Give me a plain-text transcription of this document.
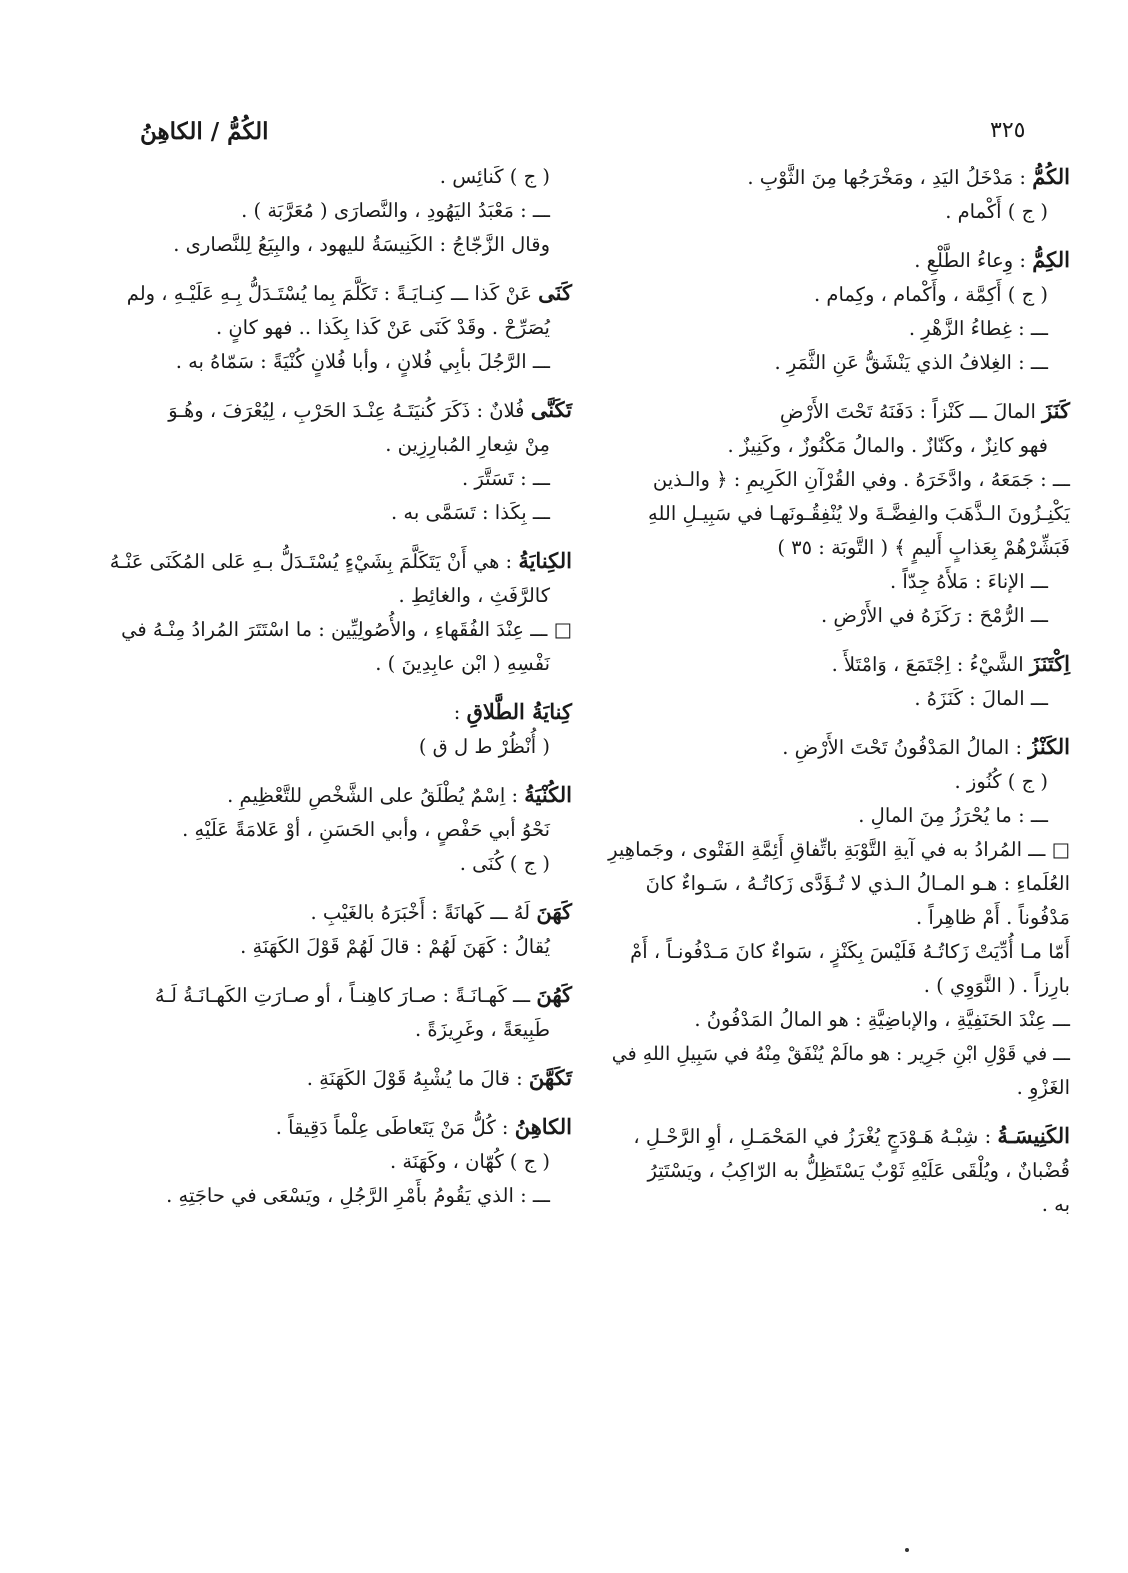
٣٢٥
الكُمُّ / الكاهِنُ
الكُمُّ : مَدْخَلُ اليَدِ ، ومَخْرَجُها مِنَ الثَّوْبِ .
( ج ) أَكْمام .
الكِمُّ : وِعاءُ الطَّلْعِ .
( ج ) أَكِمَّة ، وأَكْمام ، وكِمام .
ـــ : غِطاءُ الزَّهْرِ .
ـــ : الغِلافُ الذي يَنْشَقُّ عَنِ الثَّمَرِ .
كَنَزَ المالَ ـــ كَنْزاً : دَفَنَهُ تَحْتَ الأَرْضِ
فهو كانِزٌ ، وكَنّازٌ . والمالُ مَكْنُوزٌ ، وكَنِيزٌ .
ـــ : جَمَعَهُ ، وادَّخَرَهُ . وفي القُرْآنِ الكَرِيمِ : ﴿ والـذين
يَكْنِـزُونَ الـذَّهَبَ والفِضَّـةَ ولا يُنْفِقُـونَهـا في سَبِيـلِ اللهِ
فَبَشِّرْهُمْ بِعَذابٍ أَليمٍ ﴾ ( التَّوبَة : ٣٥ )
ـــ الإناءَ : مَلأَهُ جِدّاً .
ـــ الرُّمْحَ : رَكَزَهُ في الأَرْضِ .
اِكْتَنَزَ الشَّيْءُ : اِجْتَمَعَ ، وَامْتَلأَ .
ـــ المالَ : كَنَزَهُ .
الكَنْزُ : المالُ المَدْفُونُ تَحْتَ الأَرْضِ .
( ج ) كُنُوز .
ـــ : ما يُحْرَزُ مِنَ المالِ .
□ ـــ المُرادُ به في آيةِ التَّوْبَةِ باتِّفاقِ أَئِمَّةِ الفَتْوى ، وجَماهِيرِ
العُلَماءِ : هـو المـالُ الـذي لا تُـؤَدَّى زَكاتُـهُ ، سَـواءٌ كانَ
مَدْفُوناً . أَمْ ظاهِراً .
أَمّا مـا أُدِّيَتْ زَكاتُـهُ فَلَيْسَ بِكَنْزٍ ، سَواءٌ كانَ مَـدْفُونـاً ، أَمْ
بارِزاً . ( النَّوَوِي ) .
ـــ عِنْدَ الحَنَفِيَّةِ ، والإباضِيَّةِ : هو المالُ المَدْفُونُ .
ـــ في قَوْلِ ابْنِ جَرِير : هو مالَمْ يُنْفَقْ مِنْهُ في سَبِيلِ اللهِ في
الغَزْوِ .
الكَنِيسَـةُ : شِبْـهُ هَـوْدَجٍ يُغْرَزُ في المَحْمَـلِ ، أوِ الرَّحْـلِ ،
قُضْبانٌ ، ويُلْقَى عَلَيْهِ ثَوْبٌ يَسْتَظِلُّ به الرّاكِبُ ، ويَسْتَتِرُ
به .
( ج ) كَنائِس .
ـــ : مَعْبَدُ اليَهُودِ ، والنَّصارَى ( مُعَرَّبَة ) .
وقال الزَّجّاجُ : الكَنِيسَةُ لليهود ، والبِيَعُ لِلنَّصارى .
كَنَى عَنْ كَذا ـــ كِنـايَـةً : تَكَلَّمَ بِما يُسْتَـدَلُّ بِـهِ عَلَيْـهِ ، ولم
يُصَرِّحْ . وقَدْ كَنَى عَنْ كَذا بِكَذا .. فهو كانٍ .
ـــ الرَّجُلَ بأبِي فُلانٍ ، وأبا فُلانٍ كُنْيَةً : سَمّاهُ به .
تَكَنَّى فُلانٌ : ذَكَرَ كُنيَتَـهُ عِنْـدَ الحَرْبِ ، لِيُعْرَفَ ، وهُـوَ
مِنْ شِعارِ المُبارِزِين .
ـــ : تَسَتَّرَ .
ـــ بِكَذا : تَسَمَّى به .
الكِنايَةُ : هي أَنْ يَتَكَلَّمَ بِشَيْءٍ يُسْتَـدَلُّ بـهِ عَلى المُكَنَى عَنْـهُ
كالرَّفَثِ ، والغائِطِ .
□ ـــ عِنْدَ الفُقَهاءِ ، والأُصُولِيِّين : ما اسْتَتَرَ المُرادُ مِنْـهُ في
نَفْسِهِ ( ابْن عابِدِينَ ) .
كِنايَةُ الطَّلاقِ :
( أُنْظُرْ ط ل ق )
الكُنْيَةُ : اِسْمٌ يُطْلَقُ على الشَّخْصِ للتَّعْظِيمِ .
نَحْوُ أبي حَفْصٍ ، وأبي الحَسَنِ ، أوْ عَلامَةً عَلَيْهِ .
( ج ) كُنَى .
كَهَنَ لَهُ ـــ كَهانَةً : أَخْبَرَهُ بالغَيْبِ .
يُقالُ : كَهَنَ لَهُمْ : قالَ لَهُمْ قَوْلَ الكَهَنَةِ .
كَهُنَ ـــ كَهـانَـةً : صـارَ كاهِنـاً ، أو صـارَتِ الكَهـانَـةُ لَـهُ
طَبِيعَةً ، وغَرِيزَةً .
تَكَهَّنَ : قالَ ما يُشْبِهُ قَوْلَ الكَهَنَةِ .
الكاهِنُ : كُلُّ مَنْ يَتَعاطَى عِلْماً دَقِيقاً .
( ج ) كُهّان ، وكَهَنَة .
ـــ : الذي يَقُومُ بأَمْرِ الرَّجُلِ ، ويَسْعَى في حاجَتِهِ .
